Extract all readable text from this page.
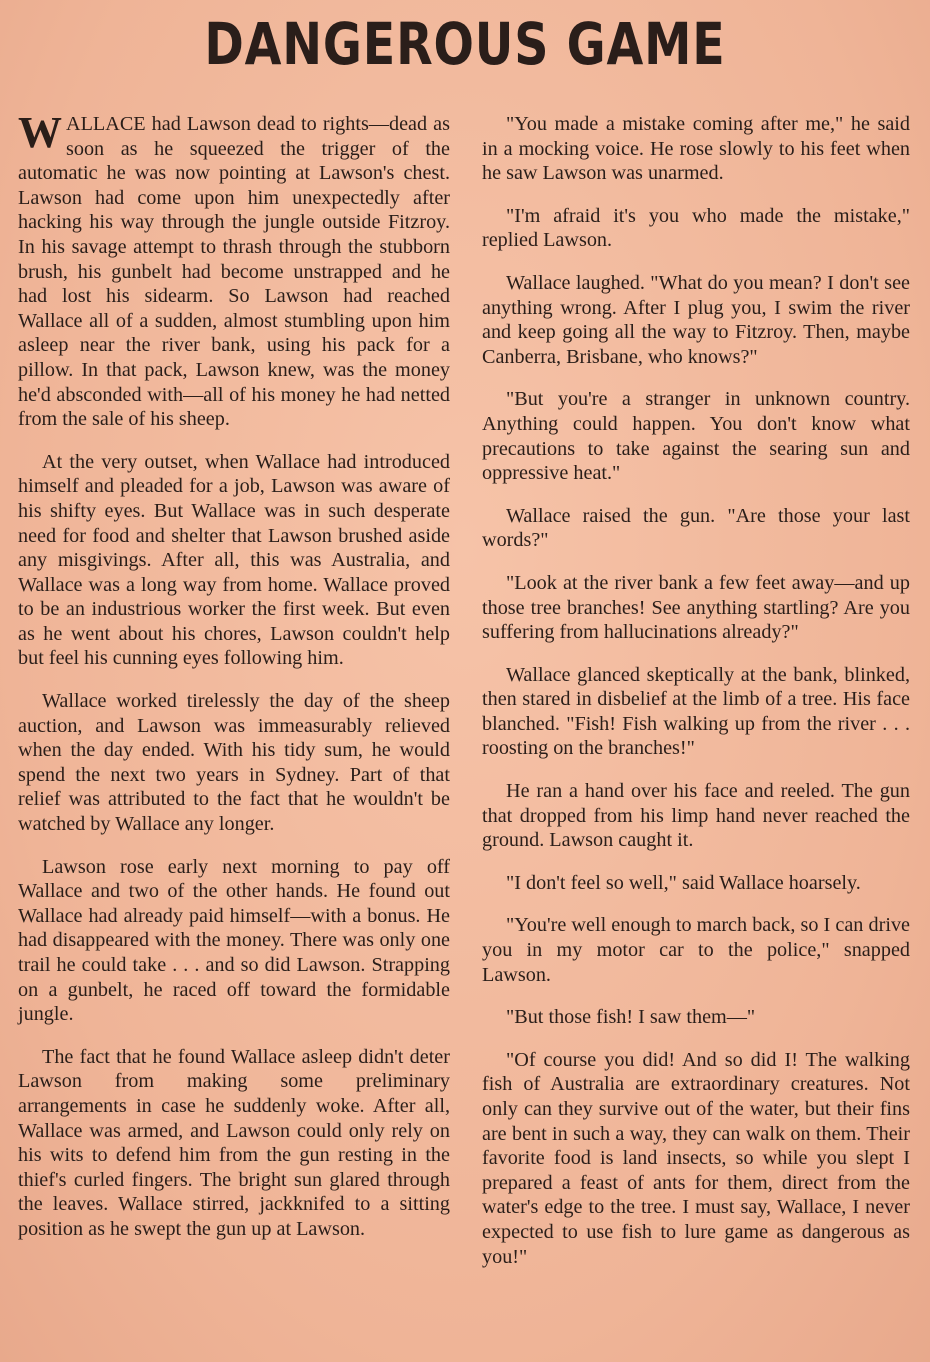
DANGEROUS GAME

WALLACE had Lawson dead to rights—dead as soon as he squeezed the trigger of the automatic he was now pointing at Lawson's chest. Lawson had come upon him unexpectedly after hacking his way through the jungle outside Fitzroy. In his savage attempt to thrash through the stubborn brush, his gunbelt had become unstrapped and he had lost his sidearm. So Lawson had reached Wallace all of a sudden, almost stumbling upon him asleep near the river bank, using his pack for a pillow. In that pack, Lawson knew, was the money he'd absconded with—all of his money he had netted from the sale of his sheep.

At the very outset, when Wallace had introduced himself and pleaded for a job, Lawson was aware of his shifty eyes. But Wallace was in such desperate need for food and shelter that Lawson brushed aside any misgivings. After all, this was Australia, and Wallace was a long way from home. Wallace proved to be an industrious worker the first week. But even as he went about his chores, Lawson couldn't help but feel his cunning eyes following him.

Wallace worked tirelessly the day of the sheep auction, and Lawson was immeasurably relieved when the day ended. With his tidy sum, he would spend the next two years in Sydney. Part of that relief was attributed to the fact that he wouldn't be watched by Wallace any longer.

Lawson rose early next morning to pay off Wallace and two of the other hands. He found out Wallace had already paid himself—with a bonus. He had disappeared with the money. There was only one trail he could take . . . and so did Lawson. Strapping on a gunbelt, he raced off toward the formidable jungle.

The fact that he found Wallace asleep didn't deter Lawson from making some preliminary arrangements in case he suddenly woke. After all, Wallace was armed, and Lawson could only rely on his wits to defend him from the gun resting in the thief's curled fingers. The bright sun glared through the leaves. Wallace stirred, jackknifed to a sitting position as he swept the gun up at Lawson.

"You made a mistake coming after me," he said in a mocking voice. He rose slowly to his feet when he saw Lawson was unarmed.

"I'm afraid it's you who made the mistake," replied Lawson.

Wallace laughed. "What do you mean? I don't see anything wrong. After I plug you, I swim the river and keep going all the way to Fitzroy. Then, maybe Canberra, Brisbane, who knows?"

"But you're a stranger in unknown country. Anything could happen. You don't know what precautions to take against the searing sun and oppressive heat."

Wallace raised the gun. "Are those your last words?"

"Look at the river bank a few feet away—and up those tree branches! See anything startling? Are you suffering from hallucinations already?"

Wallace glanced skeptically at the bank, blinked, then stared in disbelief at the limb of a tree. His face blanched. "Fish! Fish walking up from the river . . . roosting on the branches!"

He ran a hand over his face and reeled. The gun that dropped from his limp hand never reached the ground. Lawson caught it.

"I don't feel so well," said Wallace hoarsely.

"You're well enough to march back, so I can drive you in my motor car to the police," snapped Lawson.

"But those fish! I saw them—"

"Of course you did! And so did I! The walking fish of Australia are extraordinary creatures. Not only can they survive out of the water, but their fins are bent in such a way, they can walk on them. Their favorite food is land insects, so while you slept I prepared a feast of ants for them, direct from the water's edge to the tree. I must say, Wallace, I never expected to use fish to lure game as dangerous as you!"
